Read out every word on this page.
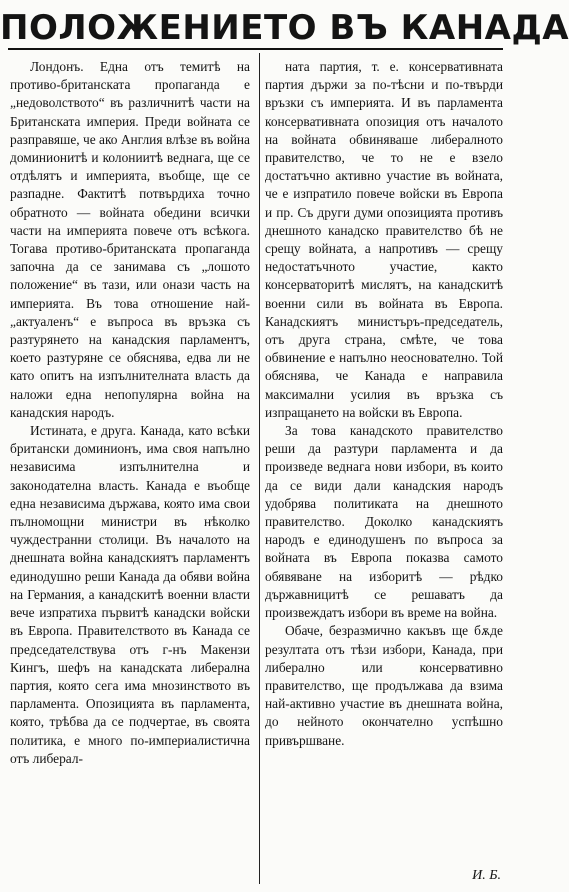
ПОЛОЖЕНИЕТО ВЪ КАНАДА

Лондонъ. Една отъ темитѣ на противо-британската пропаганда е „недоволството“ въ различнитѣ части на Британската империя. Преди войната се разправяше, че ако Англия влѣзе въ война доминионитѣ и колониитѣ веднага, ще се отдѣлятъ и империята, въобще, ще се разпадне. Фактитѣ потвърдиха точно обратното — войната обедини всички части на империята повече отъ всѣкога. Тогава противо-британската пропаганда започна да се занимава съ „лошото положение“ въ тази, или онази часть на империята. Въ това отношение най-„актуаленъ“ е въпроса въ връзка съ разтурянето на канадския парламентъ, което разтуряне се обяснява, едва ли не като опитъ на изпълнителната власть да наложи една непопулярна война на канадския народъ.

Истината, е друга. Канада, като всѣки британски доминионъ, има своя напълно независима изпълнителна и законодателна власть. Канада е въобще една независима държава, която има свои пълномощни министри въ нѣколко чуждестранни столици. Въ началото на днешната война канадскиятъ парламентъ единодушно реши Канада да обяви война на Германия, а канадскитѣ военни власти вече изпратиха първитѣ канадски войски въ Европа. Правителството въ Канада се председателствува отъ г-нъ Макензи Кингъ, шефъ на канадската либерална партия, която сега има мнозинството въ парламента. Опозицията въ парламента, която, трѣбва да се подчертае, въ своята политика, е много по-империалистична отъ либерал-

ната партия, т. е. консервативната партия държи за по-тѣсни и по-твърди връзки съ империята. И въ парламента консервативната опозиция отъ началото на войната обвиняваше либералното правителство, че то не е взело достатъчно активно участие въ войната, че е изпратило повече войски въ Европа и пр. Съ други думи опозицията противъ днешното канадско правителство бѣ не срещу войната, а напротивъ — срещу недостатъчното участие, както консерваторитѣ мислятъ, на канадскитѣ военни сили въ войната въ Европа. Канадскиятъ министъръ-председатель, отъ друга страна, смѣте, че това обвинение е напълно неоснователно. Той обяснява, че Канада е направила максимални усилия въ връзка съ изпращането на войски въ Европа.

За това канадското правителство реши да разтури парламента и да произведе веднага нови избори, въ които да се види дали канадския народъ удобрява политиката на днешното правителство. Доколко канадскиятъ народъ е единодушенъ по въпроса за войната въ Европа показва самото обявяване на изборитѣ — рѣдко държавницитѣ се решаватъ да произвеждатъ избори въ време на война.

Обаче, безразмично какъвъ ще бѫде резултата отъ тѣзи избори, Канада, при либерално или консервативно правителство, ще продължава да взима най-активно участие въ днешната война, до нейното окончателно успѣшно привършване.

И. Б.
